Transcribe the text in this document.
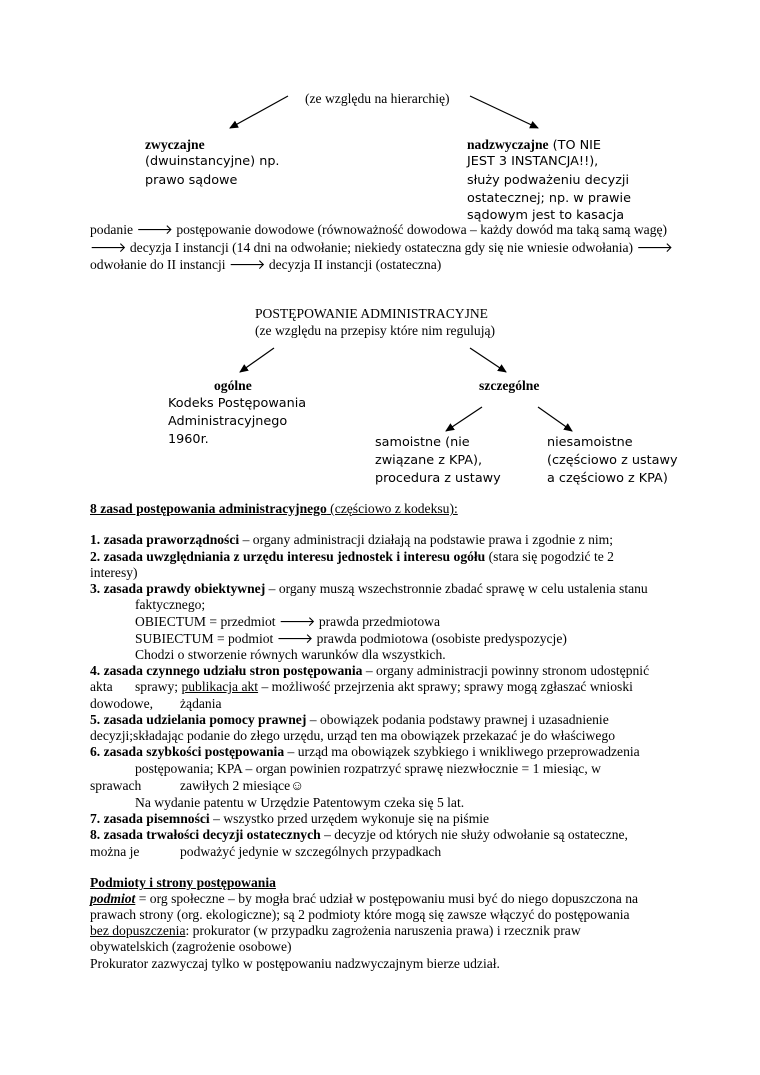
(ze względu na hierarchię)
zwyczajne
(dwuinstancyjne) np.
prawo sądowe
nadzwyczajne (TO NIE
JEST 3 INSTANCJA!!),
służy podważeniu decyzji
ostatecznej; np. w prawie
sądowym jest to kasacja
podanie 🡒 postępowanie dowodowe (równoważność dowodowa – każdy dowód ma taką samą wagę)
🡒 decyzja I instancji (14 dni na odwołanie; niekiedy ostateczna gdy się nie wniesie odwołania) 🡒
odwołanie do II instancji 🡒 decyzja II instancji (ostateczna)
POSTĘPOWANIE ADMINISTRACYJNE
(ze względu na przepisy które nim regulują)
ogólne
Kodeks Postępowania
Administracyjnego
1960r.
szczególne
samoistne (nie
związane z KPA),
procedura z ustawy
niesamoistne
(częściowo z ustawy
a częściowo z KPA)
8 zasad postępowania administracyjnego (częściowo z kodeksu):
1. zasada praworządności – organy administracji działają na podstawie prawa i zgodnie z nim;
2. zasada uwzględniania z urzędu interesu jednostek i interesu ogółu (stara się pogodzić te 2
interesy)
3. zasada prawdy obiektywnej – organy muszą wszechstronnie zbadać sprawę w celu ustalenia stanu
faktycznego;
OBIECTUM = przedmiot 🡒 prawda przedmiotowa
SUBIECTUM = podmiot 🡒 prawda podmiotowa (osobiste predyspozycje)
Chodzi o stworzenie równych warunków dla wszystkich.
4. zasada czynnego udziału stron postępowania – organy administracji powinny stronom udostępnić
akta sprawy; publikacja akt – możliwość przejrzenia akt sprawy; sprawy mogą zgłaszać wnioski
dowodowe, żądania
5. zasada udzielania pomocy prawnej – obowiązek podania podstawy prawnej i uzasadnienie
decyzji;składając podanie do złego urzędu, urząd ten ma obowiązek przekazać je do właściwego
6. zasada szybkości postępowania – urząd ma obowiązek szybkiego i wnikliwego przeprowadzenia
postępowania; KPA – organ powinien rozpatrzyć sprawę niezwłocznie = 1 miesiąc, w
sprawach	zawiłych 2 miesiące☺
Na wydanie patentu w Urzędzie Patentowym czeka się 5 lat.
7. zasada pisemności – wszystko przed urzędem wykonuje się na piśmie
8. zasada trwałości decyzji ostatecznych – decyzje od których nie służy odwołanie są ostateczne,
można je	podważyć jedynie w szczególnych przypadkach
Podmioty i strony postępowania
podmiot = org społeczne – by mogła brać udział w postępowaniu musi być do niego dopuszczona na
prawach strony (org. ekologiczne); są 2 podmioty które mogą się zawsze włączyć do postępowania
bez dopuszczenia: prokurator (w przypadku zagrożenia naruszenia prawa) i rzecznik praw
obywatelskich (zagrożenie osobowe)
Prokurator zazwyczaj tylko w postępowaniu nadzwyczajnym bierze udział.
